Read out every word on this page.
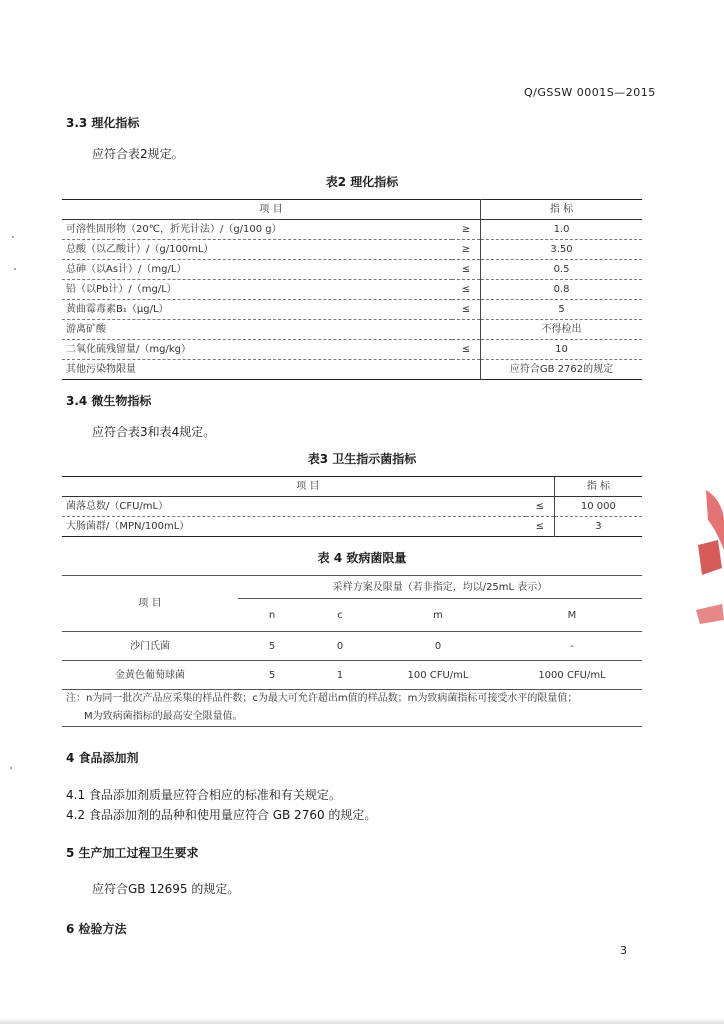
Q/GSSW 0001S—2015
3.3 理化指标
应符合表2规定。
表2 理化指标
项 目		指 标
可溶性固形物（20℃，折光计法）/（g/100 g）	≥	1.0
总酸（以乙酸计）/（g/100mL）	≥	3.50
总砷（以As计）/（mg/L）	≤	0.5
铅（以Pb计）/（mg/L）	≤	0.8
黄曲霉毒素B₁（μg/L）	≤	5
游离矿酸		不得检出
二氧化硫残留量/（mg/kg）	≤	10
其他污染物限量		应符合GB 2762的规定
3.4 微生物指标
应符合表3和表4规定。
表3 卫生指示菌指标
项 目		指 标
菌落总数/（CFU/mL）	≤	10 000
大肠菌群/（MPN/100mL）	≤	3
表 4 致病菌限量
项 目	采样方案及限量（若非指定，均以/25mL 表示）			
	n	c	m	M
沙门氏菌	5	0	0	-
金黄色葡萄球菌	5	1	100 CFU/mL	1000 CFU/mL

注：n为同一批次产品应采集的样品件数；c为最大可允许超出m值的样品数；m为致病菌指标可接受水平的限量值；
M为致病菌指标的最高安全限量值。				
4 食品添加剂
4.1 食品添加剂质量应符合相应的标准和有关规定。
4.2 食品添加剂的品种和使用量应符合 GB 2760 的规定。
5 生产加工过程卫生要求
应符合GB 12695 的规定。
6 检验方法
3
